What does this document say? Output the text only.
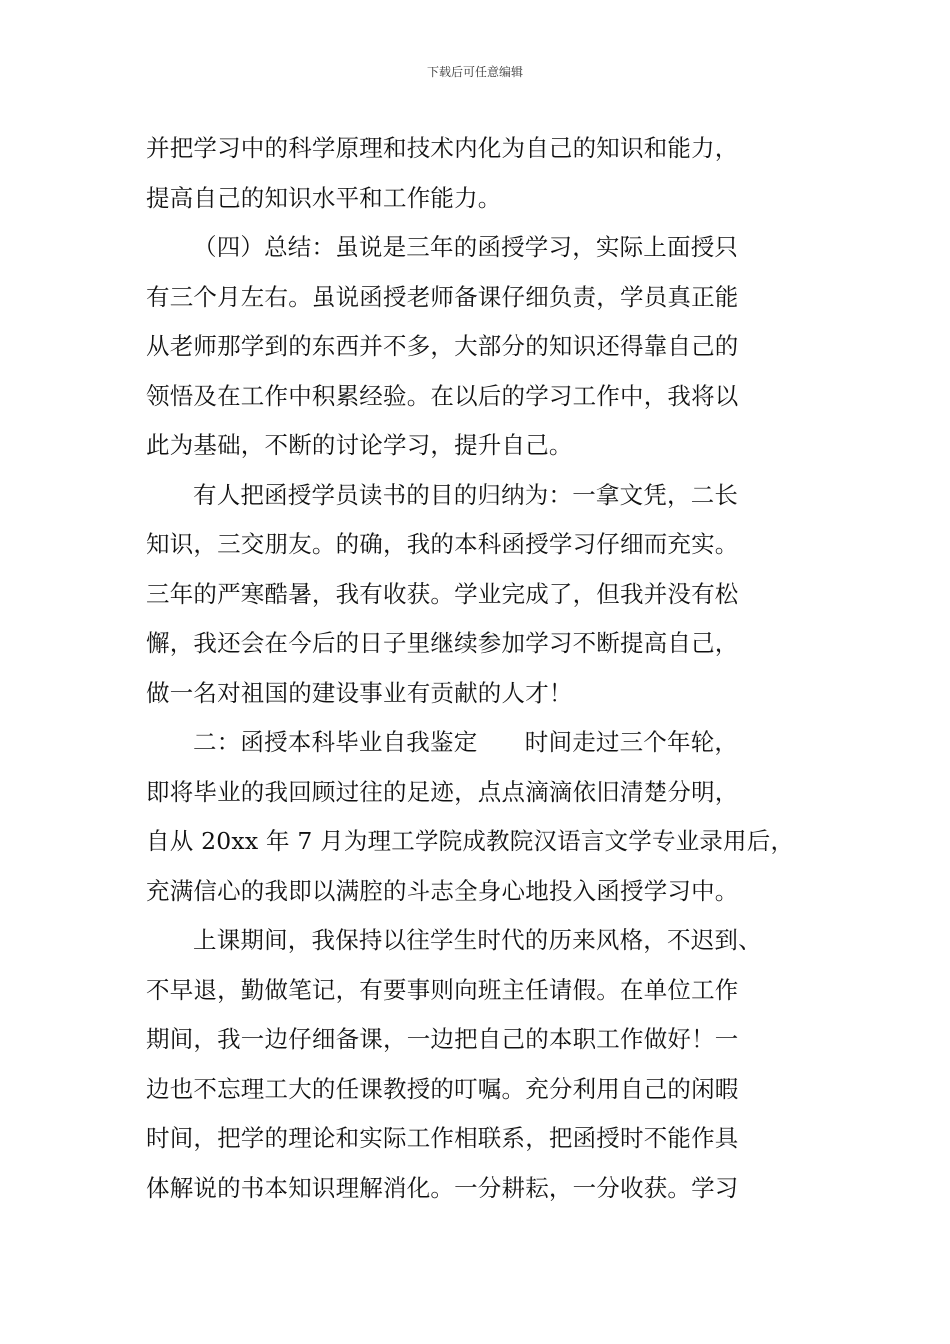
下载后可任意编辑
并把学习中的科学原理和技术内化为自己的知识和能力，
提高自己的知识水平和工作能力。
（四）总结：虽说是三年的函授学习，实际上面授只
有三个月左右。虽说函授老师备课仔细负责，学员真正能
从老师那学到的东西并不多，大部分的知识还得靠自己的
领悟及在工作中积累经验。在以后的学习工作中，我将以
此为基础，不断的讨论学习，提升自己。
有人把函授学员读书的目的归纳为：一拿文凭，二长
知识，三交朋友。的确，我的本科函授学习仔细而充实。
三年的严寒酷暑，我有收获。学业完成了，但我并没有松
懈，我还会在今后的日子里继续参加学习不断提高自己，
做一名对祖国的建设事业有贡献的人才！
二：函授本科毕业自我鉴定　　时间走过三个年轮，
即将毕业的我回顾过往的足迹，点点滴滴依旧清楚分明，
自从 20xx 年 7 月为理工学院成教院汉语言文学专业录用后，
充满信心的我即以满腔的斗志全身心地投入函授学习中。
上课期间，我保持以往学生时代的历来风格，不迟到、
不早退，勤做笔记，有要事则向班主任请假。在单位工作
期间，我一边仔细备课，一边把自己的本职工作做好！一
边也不忘理工大的任课教授的叮嘱。充分利用自己的闲暇
时间，把学的理论和实际工作相联系，把函授时不能作具
体解说的书本知识理解消化。一分耕耘，一分收获。学习
